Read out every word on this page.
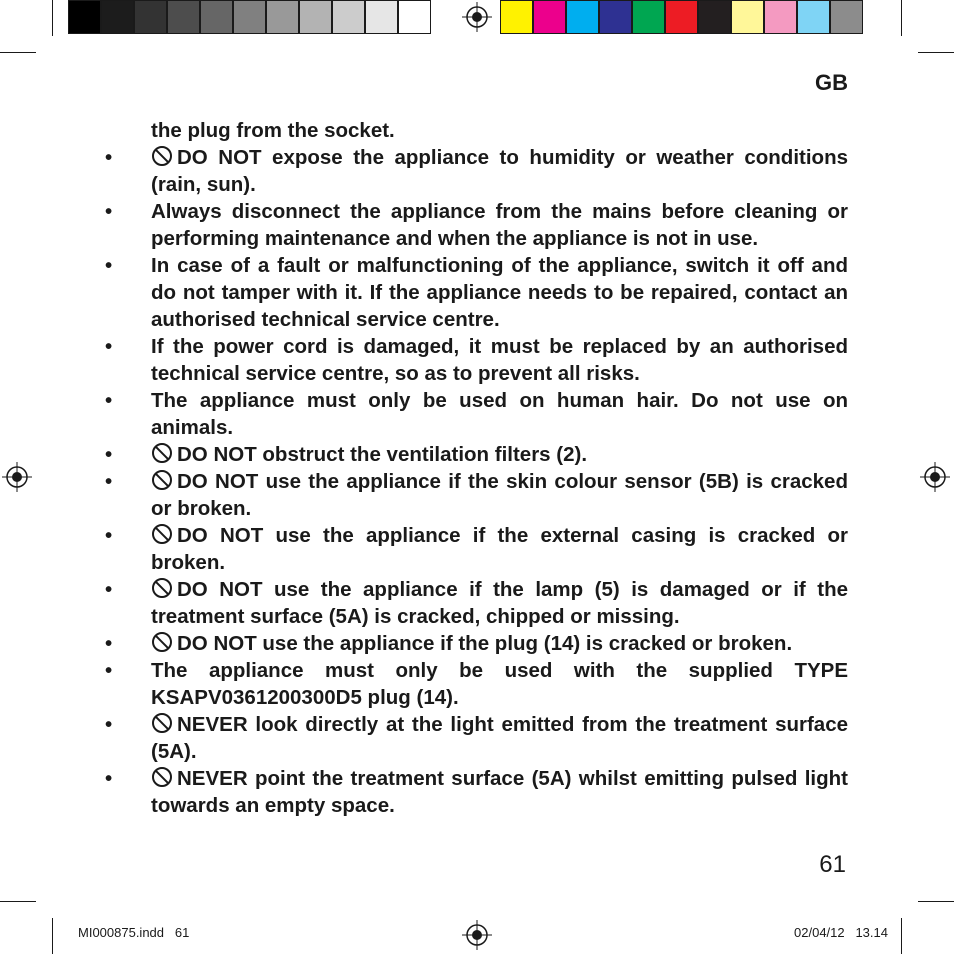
GB
the plug from the socket.
•	DO NOT expose the appliance to humidity or weather conditions (rain, sun).
•	Always disconnect the appliance from the mains before cleaning or performing maintenance and when the appliance is not in use.
•	In case of a fault or malfunctioning of the appliance, switch it off and do not tamper with it. If the appliance needs to be repaired, contact an authorised technical service centre.
•	If the power cord is damaged, it must be replaced by an authorised technical service centre, so as to prevent all risks.
•	The appliance must only be used on human hair. Do not use on animals.
•	DO NOT obstruct the ventilation filters (2).
•	DO NOT use the appliance if the skin colour sensor (5B) is cracked or broken.
•	DO NOT use the appliance if the external casing is cracked or broken.
•	DO NOT use the appliance if the lamp (5) is damaged or if the treatment surface (5A) is cracked, chipped or missing.
•	DO NOT use the appliance if the plug (14) is cracked or broken.
•	The appliance must only be used with the supplied TYPE KSAPV0361200300D5 plug (14).
•	NEVER look directly at the light emitted from the treatment surface (5A).
•	NEVER point the treatment surface (5A) whilst emitting pulsed light towards an empty space.
61
MI000875.indd   61	02/04/12   13.14
